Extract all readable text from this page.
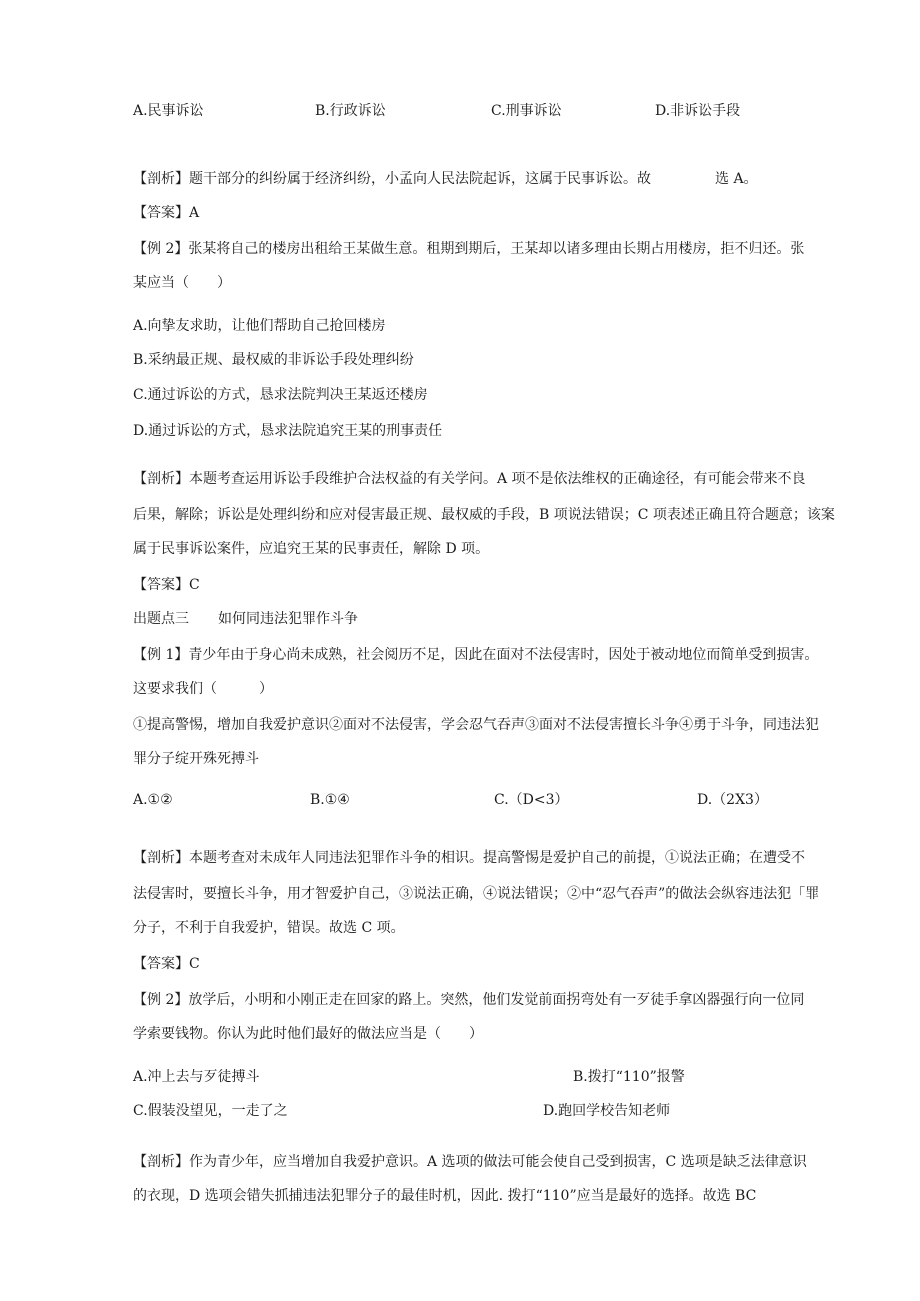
A.民事诉讼	B.行政诉讼	C.刑事诉讼	D.非诉讼手段
【剖析】题干部分的纠纷属于经济纠纷，小孟向人民法院起诉，这属于民事诉讼。故	选 A。
【答案】A
【例 2】张某将自己的楼房出租给王某做生意。租期到期后，王某却以诸多理由长期占用楼房，拒不归还。张
某应当（　　）
A.向挚友求助，让他们帮助自己抢回楼房
B.采纳最正规、最权威的非诉讼手段处理纠纷
C.通过诉讼的方式，恳求法院判决王某返还楼房
D.通过诉讼的方式，恳求法院追究王某的刑事责任
【剖析】本题考查运用诉讼手段维护合法权益的有关学问。A 项不是依法维权的正确途径，有可能会带来不良
后果，解除；诉讼是处理纠纷和应对侵害最正规、最权威的手段，B 项说法错误；C 项表述正确且符合题意；该案
属于民事诉讼案件，应追究王某的民事责任，解除 D 项。
【答案】C
出题点三 如何同违法犯罪作斗争
【例 1】青少年由于身心尚未成熟，社会阅历不足，因此在面对不法侵害时，因处于被动地位而简单受到损害。
这要求我们（　　　）
①提高警惕，增加自我爱护意识②面对不法侵害，学会忍气吞声③面对不法侵害擅长斗争④勇于斗争，同违法犯
罪分子绽开殊死搏斗
A.①②	B.①④	C.（D<3）	D.（2X3）
【剖析】本题考查对未成年人同违法犯罪作斗争的相识。提高警惕是爱护自己的前提，①说法正确；在遭受不
法侵害时，要擅长斗争，用才智爱护自己，③说法正确，④说法错误；②中“忍气吞声”的做法会纵容违法犯「罪
分子，不利于自我爱护，错误。故选 C 项。
【答案】C
【例 2】放学后，小明和小刚正走在回家的路上。突然，他们发觉前面拐弯处有一歹徒手拿凶器强行向一位同
学索要钱物。你认为此时他们最好的做法应当是（　　）
A.冲上去与歹徒搏斗	B.拨打“110”报警
C.假装没望见，一走了之	D.跑回学校告知老师
【剖析】作为青少年，应当增加自我爱护意识。A 选项的做法可能会使自己受到损害，C 选项是缺乏法律意识
的衣现，D 选项会错失抓捕违法犯罪分子的最佳时机，因此. 拨打“110”应当是最好的选择。故选 BC
